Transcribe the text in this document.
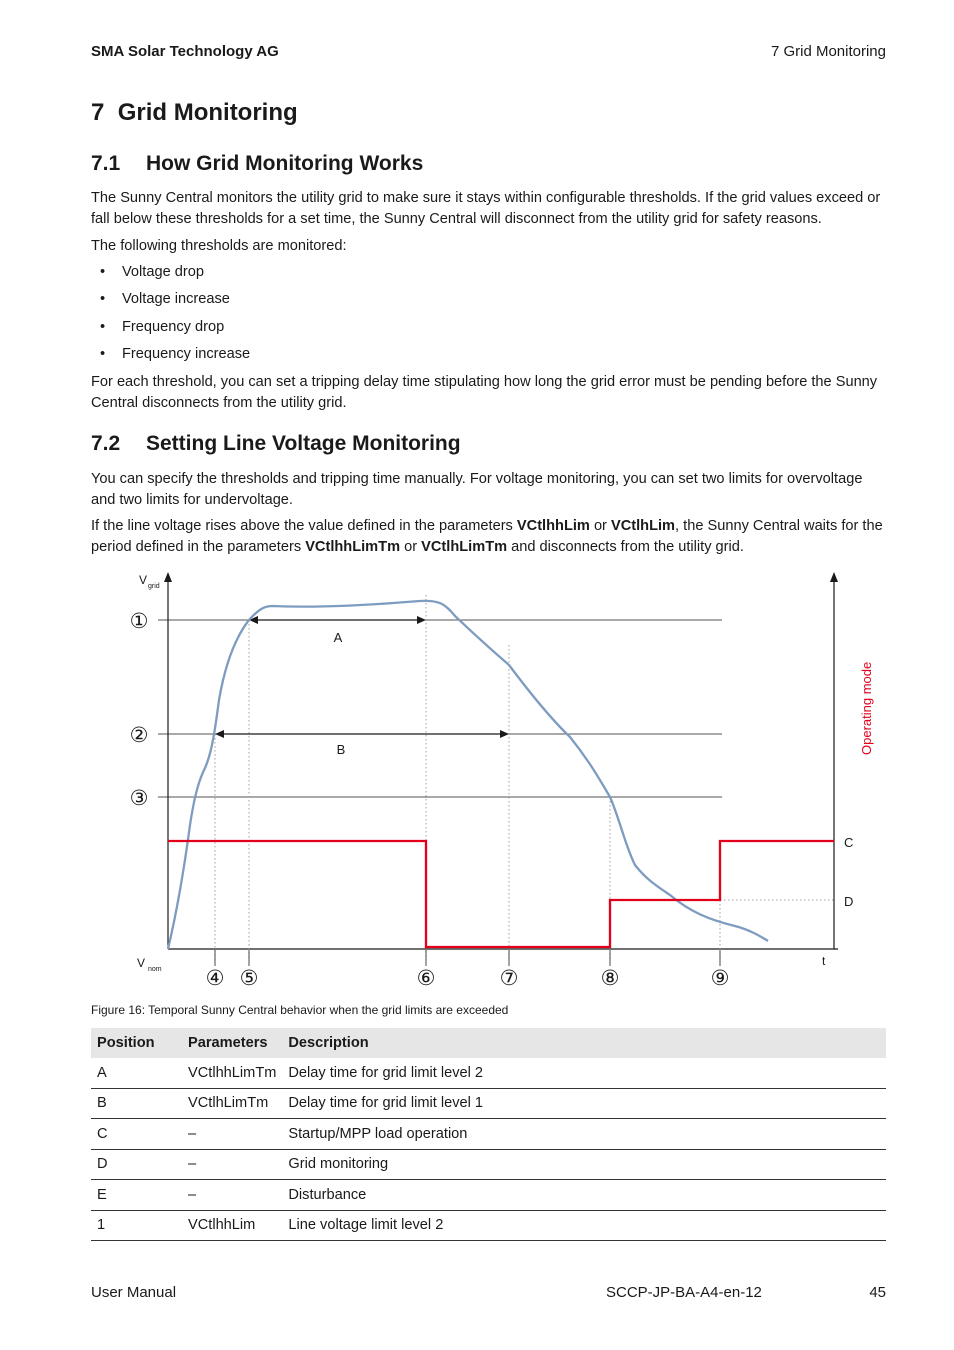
SMA Solar Technology AG	7 Grid Monitoring
7 Grid Monitoring
7.1 How Grid Monitoring Works

The Sunny Central monitors the utility grid to make sure it stays within configurable thresholds. If the grid values exceed or fall below these thresholds for a set time, the Sunny Central will disconnect from the utility grid for safety reasons.

The following thresholds are monitored:

• Voltage drop
• Voltage increase
• Frequency drop
• Frequency increase

For each threshold, you can set a tripping delay time stipulating how long the grid error must be pending before the Sunny Central disconnects from the utility grid.

7.2 Setting Line Voltage Monitoring

You can specify the thresholds and tripping time manually. For voltage monitoring, you can set two limits for overvoltage and two limits for undervoltage.

If the line voltage rises above the value defined in the parameters VCtlhhLim or VCtlhLim, the Sunny Central waits for the period defined in the parameters VCtlhhLimTm or VCtlhLimTm and disconnects from the utility grid.

A
B
V grid
V nom
t
Operating mode
C
D
①
②
③
④ ⑤	⑥	⑦	⑧	⑨
Figure 16: Temporal Sunny Central behavior when the grid limits are exceeded
Position	Parameters	Description
A	VCtlhhLimTm	Delay time for grid limit level 2
B	VCtlhLimTm	Delay time for grid limit level 1
C	–	Startup/MPP load operation
D	–	Grid monitoring
E	–	Disturbance
1	VCtlhhLim	Line voltage limit level 2
User Manual	SCCP-JP-BA-A4-en-12	45
